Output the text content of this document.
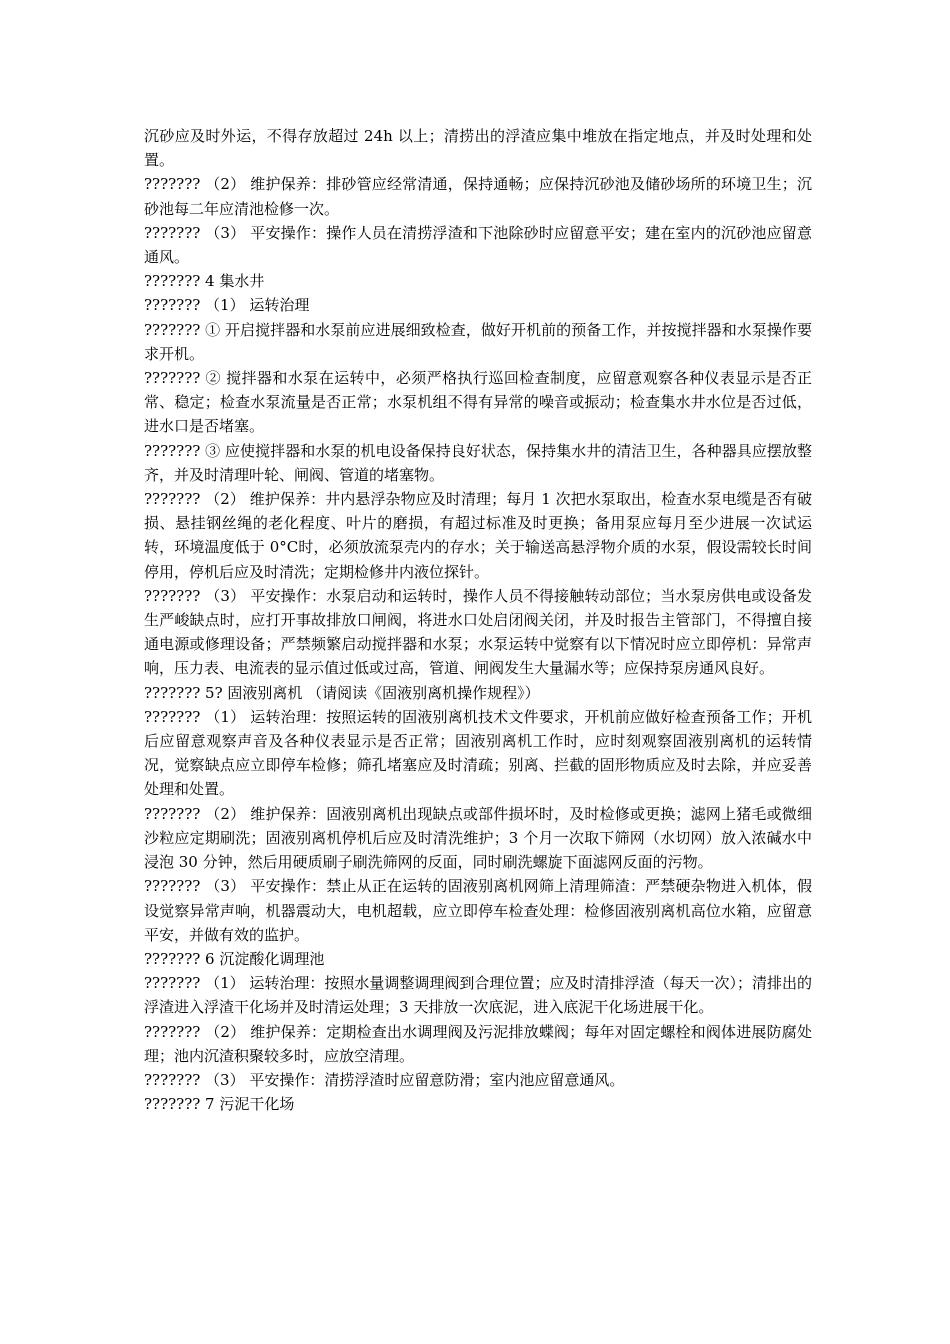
沉砂应及时外运，不得存放超过 24h 以上；清捞出的浮渣应集中堆放在指定地点，并及时处理和处置。

??????? （2） 维护保养：排砂管应经常清通，保持通畅；应保持沉砂池及储砂场所的环境卫生；沉砂池每二年应清池检修一次。

??????? （3） 平安操作：操作人员在清捞浮渣和下池除砂时应留意平安；建在室内的沉砂池应留意通风。

??????? 4 集水井

??????? （1） 运转治理

??????? ① 开启搅拌器和水泵前应进展细致检查，做好开机前的预备工作，并按搅拌器和水泵操作要求开机。

??????? ② 搅拌器和水泵在运转中，必须严格执行巡回检查制度，应留意观察各种仪表显示是否正常、稳定；检查水泵流量是否正常；水泵机组不得有异常的噪音或振动；检查集水井水位是否过低，进水口是否堵塞。

??????? ③ 应使搅拌器和水泵的机电设备保持良好状态，保持集水井的清洁卫生，各种器具应摆放整齐，并及时清理叶轮、闸阀、管道的堵塞物。

??????? （2） 维护保养：井内悬浮杂物应及时清理；每月 1 次把水泵取出，检查水泵电缆是否有破损、悬挂钢丝绳的老化程度、叶片的磨损，有超过标准及时更换；备用泵应每月至少进展一次试运转，环境温度低于 0°C时，必须放流泵壳内的存水；关于输送高悬浮物介质的水泵，假设需较长时间停用，停机后应及时清洗；定期检修井内液位探针。

??????? （3） 平安操作：水泵启动和运转时，操作人员不得接触转动部位；当水泵房供电或设备发生严峻缺点时，应打开事故排放口闸阀，将进水口处启闭阀关闭，并及时报告主管部门，不得擅自接通电源或修理设备；严禁频繁启动搅拌器和水泵；水泵运转中觉察有以下情况时应立即停机：异常声响，压力表、电流表的显示值过低或过高，管道、闸阀发生大量漏水等；应保持泵房通风良好。

??????? 5? 固液别离机 （请阅读《固液别离机操作规程》）

??????? （1） 运转治理：按照运转的固液别离机技术文件要求，开机前应做好检查预备工作；开机后应留意观察声音及各种仪表显示是否正常；固液别离机工作时，应时刻观察固液别离机的运转情况，觉察缺点应立即停车检修；筛孔堵塞应及时清疏；别离、拦截的固形物质应及时去除，并应妥善处理和处置。

??????? （2） 维护保养：固液别离机出现缺点或部件损坏时，及时检修或更换；滤网上猪毛或微细沙粒应定期刷洗；固液别离机停机后应及时清洗维护；3 个月一次取下筛网（水切网）放入浓碱水中浸泡 30 分钟，然后用硬质刷子刷洗筛网的反面，同时刷洗螺旋下面滤网反面的污物。

??????? （3） 平安操作：禁止从正在运转的固液别离机网筛上清理筛渣：严禁硬杂物进入机体，假设觉察异常声响，机器震动大，电机超载，应立即停车检查处理：检修固液别离机高位水箱，应留意平安，并做有效的监护。

??????? 6 沉淀酸化调理池

??????? （1） 运转治理：按照水量调整调理阀到合理位置；应及时清排浮渣（每天一次）；清排出的浮渣进入浮渣干化场并及时清运处理；3 天排放一次底泥，进入底泥干化场进展干化。

??????? （2） 维护保养：定期检查出水调理阀及污泥排放蝶阀；每年对固定螺栓和阀体进展防腐处理；池内沉渣积聚较多时，应放空清理。

??????? （3） 平安操作：清捞浮渣时应留意防滑；室内池应留意通风。

??????? 7 污泥干化场
